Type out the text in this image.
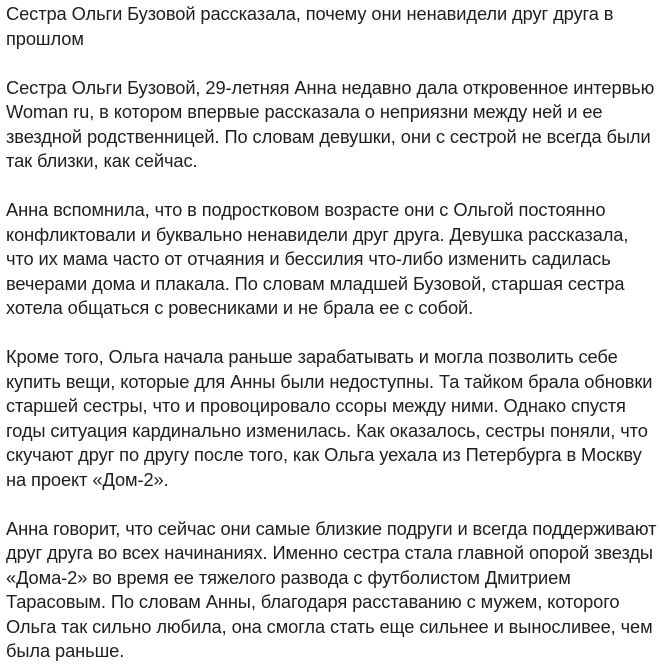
Сестра Ольги Бузовой рассказала, почему они ненавидели друг друга в прошлом

Сестра Ольги Бузовой, 29-летняя Анна недавно дала откровенное интервью Woman ru, в котором впервые рассказала о неприязни между ней и ее звездной родственницей. По словам девушки, они с сестрой не всегда были так близки, как сейчас.

Анна вспомнила, что в подростковом возрасте они с Ольгой постоянно конфликтовали и буквально ненавидели друг друга. Девушка рассказала, что их мама часто от отчаяния и бессилия что-либо изменить садилась вечерами дома и плакала. По словам младшей Бузовой, старшая сестра хотела общаться с ровесниками и не брала ее с собой.

Кроме того, Ольга начала раньше зарабатывать и могла позволить себе купить вещи, которые для Анны были недоступны. Та тайком брала обновки старшей сестры, что и провоцировало ссоры между ними. Однако спустя годы ситуация кардинально изменилась. Как оказалось, сестры поняли, что скучают друг по другу после того, как Ольга уехала из Петербурга в Москву на проект «Дом-2».

Анна говорит, что сейчас они самые близкие подруги и всегда поддерживают друг друга во всех начинаниях. Именно сестра стала главной опорой звезды «Дома-2» во время ее тяжелого развода с футболистом Дмитрием Тарасовым. По словам Анны, благодаря расставанию с мужем, которого Ольга так сильно любила, она смогла стать еще сильнее и выносливее, чем была раньше.
